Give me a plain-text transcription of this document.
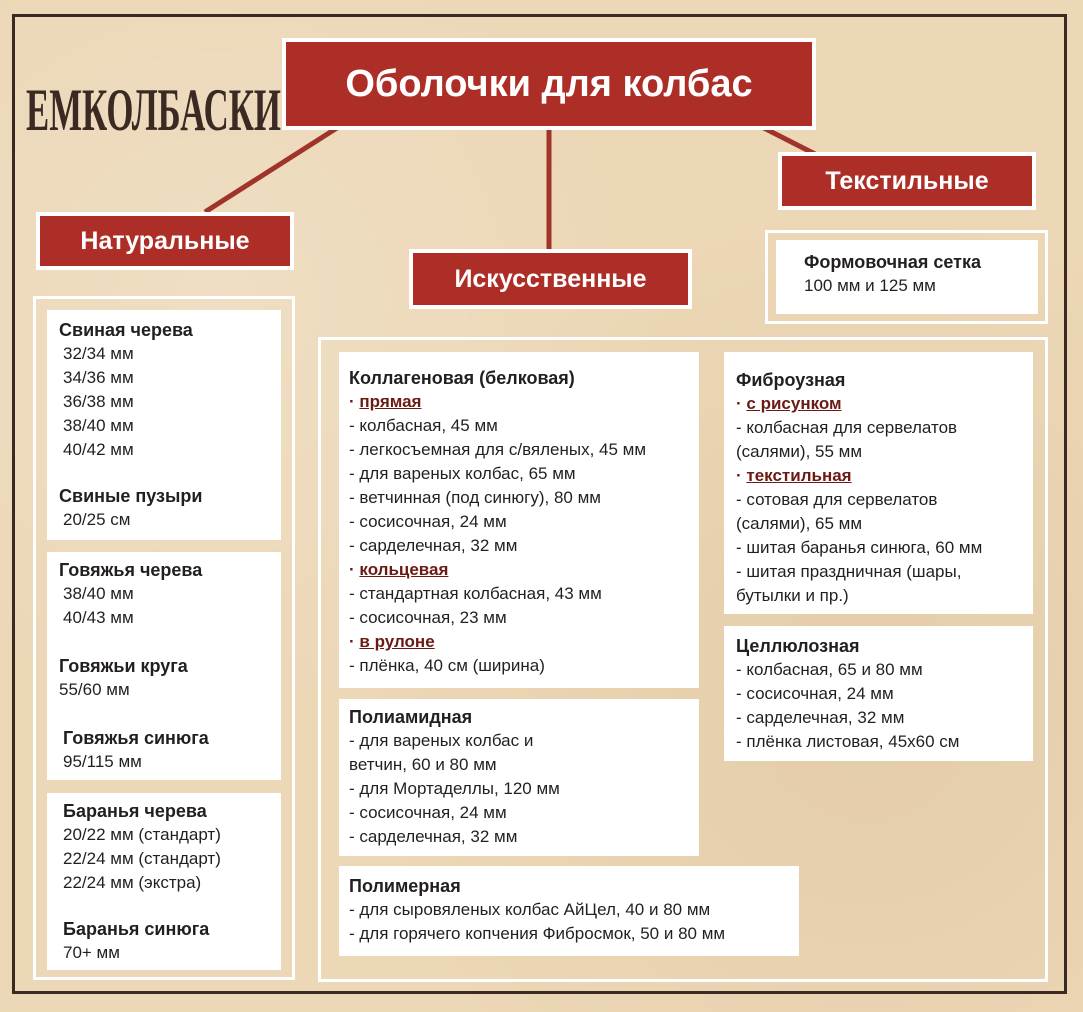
ЕМКОЛБАСКИ	Оболочки для колбас
Натуральные
Искусственные
Текстильные
Формовочная сетка
100 мм и 125 мм
Свиная черева
32/34 мм
34/36 мм
36/38 мм
38/40 мм
40/42 мм
Свиные пузыри
20/25 см
Говяжья черева
38/40 мм
40/43 мм
Говяжьи круга
55/60 мм
Говяжья синюга
95/115 мм
Баранья черева
20/22 мм (стандарт)
22/24 мм (стандарт)
22/24 мм (экстра)
Баранья синюга
70+ мм
Коллагеновая (белковая)
· прямая
- колбасная, 45 мм
- легкосъемная для с/вяленых, 45 мм
- для вареных колбас, 65 мм
- ветчинная (под синюгу), 80 мм
- сосисочная, 24 мм
- сарделечная, 32 мм
· кольцевая
- стандартная колбасная, 43 мм
- сосисочная, 23 мм
· в рулоне
- плёнка, 40 см (ширина)
Полиамидная
- для вареных колбас и
ветчин, 60 и 80 мм
- для Мортаделлы, 120 мм
- сосисочная, 24 мм
- сарделечная, 32 мм
Полимерная
- для сыровяленых колбас АйЦел, 40 и 80 мм
- для горячего копчения Фибросмок, 50 и 80 мм
Фиброузная
· с рисунком
- колбасная для сервелатов
(салями), 55 мм
· текстильная
- сотовая для сервелатов
(салями), 65 мм
- шитая баранья синюга, 60 мм
- шитая праздничная (шары,
бутылки и пр.)
Целлюлозная
- колбасная, 65 и 80 мм
- сосисочная, 24 мм
- сарделечная, 32 мм
- плёнка листовая, 45х60 см
